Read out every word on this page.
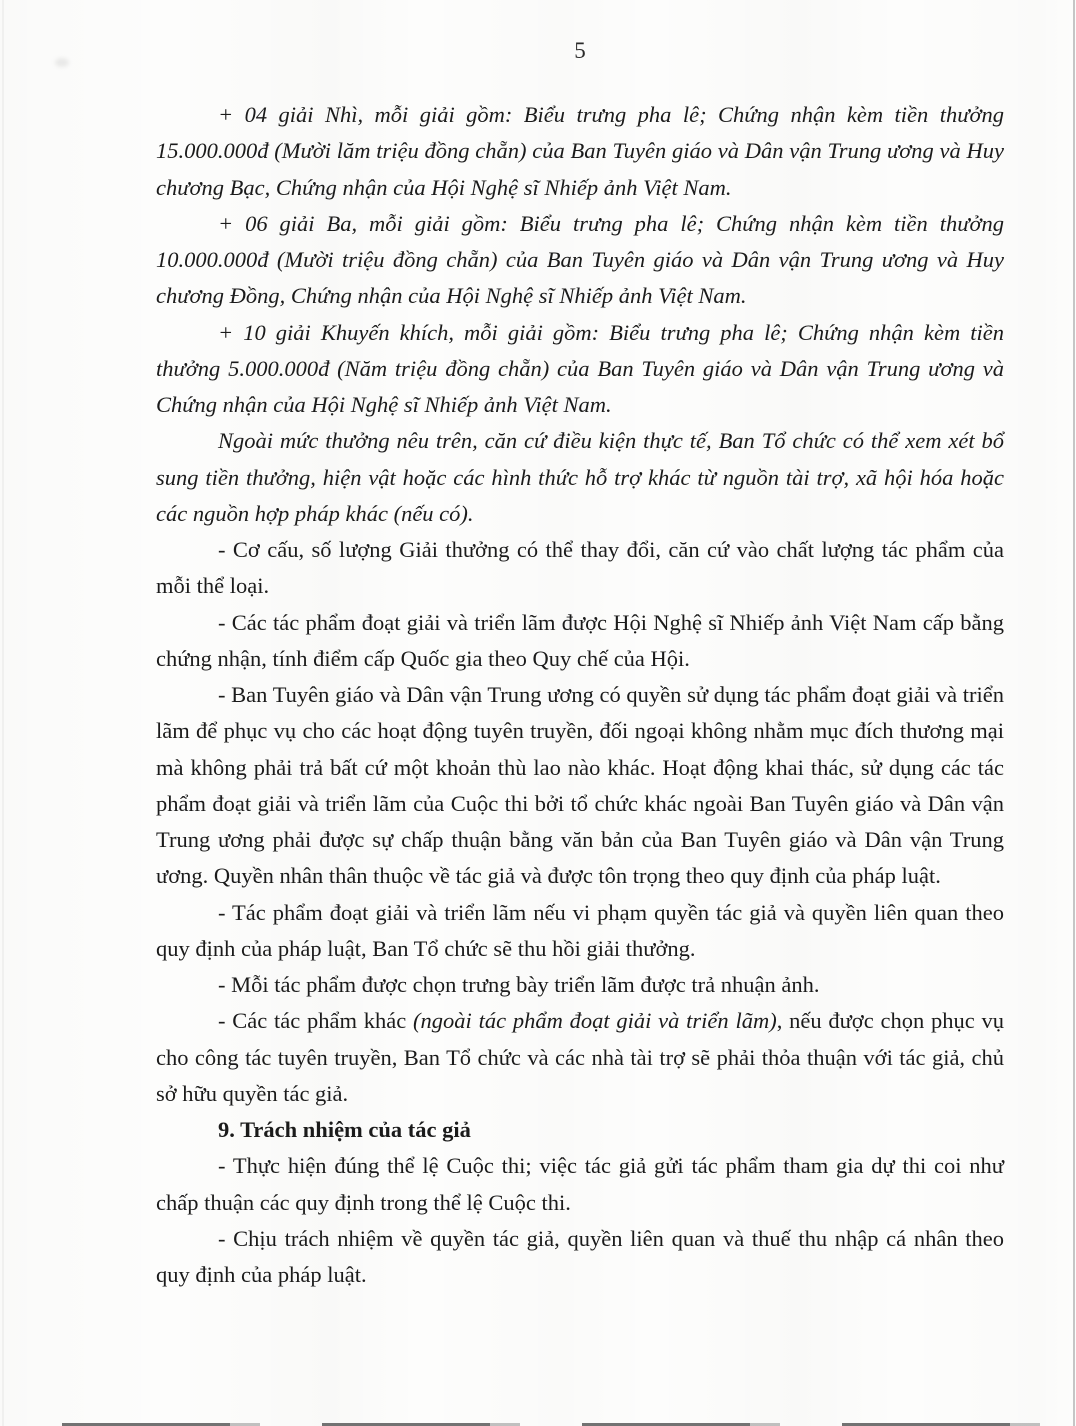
5

+ 04 giải Nhì, mỗi giải gồm: Biểu trưng pha lê; Chứng nhận kèm tiền thưởng 15.000.000đ (Mười lăm triệu đồng chẵn) của Ban Tuyên giáo và Dân vận Trung ương và Huy chương Bạc, Chứng nhận của Hội Nghệ sĩ Nhiếp ảnh Việt Nam.

+ 06 giải Ba, mỗi giải gồm: Biểu trưng pha lê; Chứng nhận kèm tiền thưởng 10.000.000đ (Mười triệu đồng chẵn) của Ban Tuyên giáo và Dân vận Trung ương và Huy chương Đồng, Chứng nhận của Hội Nghệ sĩ Nhiếp ảnh Việt Nam.

+ 10 giải Khuyến khích, mỗi giải gồm: Biểu trưng pha lê; Chứng nhận kèm tiền thưởng 5.000.000đ (Năm triệu đồng chẵn) của Ban Tuyên giáo và Dân vận Trung ương và Chứng nhận của Hội Nghệ sĩ Nhiếp ảnh Việt Nam.

Ngoài mức thưởng nêu trên, căn cứ điều kiện thực tế, Ban Tổ chức có thể xem xét bổ sung tiền thưởng, hiện vật hoặc các hình thức hỗ trợ khác từ nguồn tài trợ, xã hội hóa hoặc các nguồn hợp pháp khác (nếu có).

- Cơ cấu, số lượng Giải thưởng có thể thay đổi, căn cứ vào chất lượng tác phẩm của mỗi thể loại.

- Các tác phẩm đoạt giải và triển lãm được Hội Nghệ sĩ Nhiếp ảnh Việt Nam cấp bằng chứng nhận, tính điểm cấp Quốc gia theo Quy chế của Hội.

- Ban Tuyên giáo và Dân vận Trung ương có quyền sử dụng tác phẩm đoạt giải và triển lãm để phục vụ cho các hoạt động tuyên truyền, đối ngoại không nhằm mục đích thương mại mà không phải trả bất cứ một khoản thù lao nào khác. Hoạt động khai thác, sử dụng các tác phẩm đoạt giải và triển lãm của Cuộc thi bởi tổ chức khác ngoài Ban Tuyên giáo và Dân vận Trung ương phải được sự chấp thuận bằng văn bản của Ban Tuyên giáo và Dân vận Trung ương. Quyền nhân thân thuộc về tác giả và được tôn trọng theo quy định của pháp luật.

- Tác phẩm đoạt giải và triển lãm nếu vi phạm quyền tác giả và quyền liên quan theo quy định của pháp luật, Ban Tổ chức sẽ thu hồi giải thưởng.

- Mỗi tác phẩm được chọn trưng bày triển lãm được trả nhuận ảnh.

- Các tác phẩm khác (ngoài tác phẩm đoạt giải và triển lãm), nếu được chọn phục vụ cho công tác tuyên truyền, Ban Tổ chức và các nhà tài trợ sẽ phải thỏa thuận với tác giả, chủ sở hữu quyền tác giả.

9. Trách nhiệm của tác giả

- Thực hiện đúng thể lệ Cuộc thi; việc tác giả gửi tác phẩm tham gia dự thi coi như chấp thuận các quy định trong thể lệ Cuộc thi.

- Chịu trách nhiệm về quyền tác giả, quyền liên quan và thuế thu nhập cá nhân theo quy định của pháp luật.
